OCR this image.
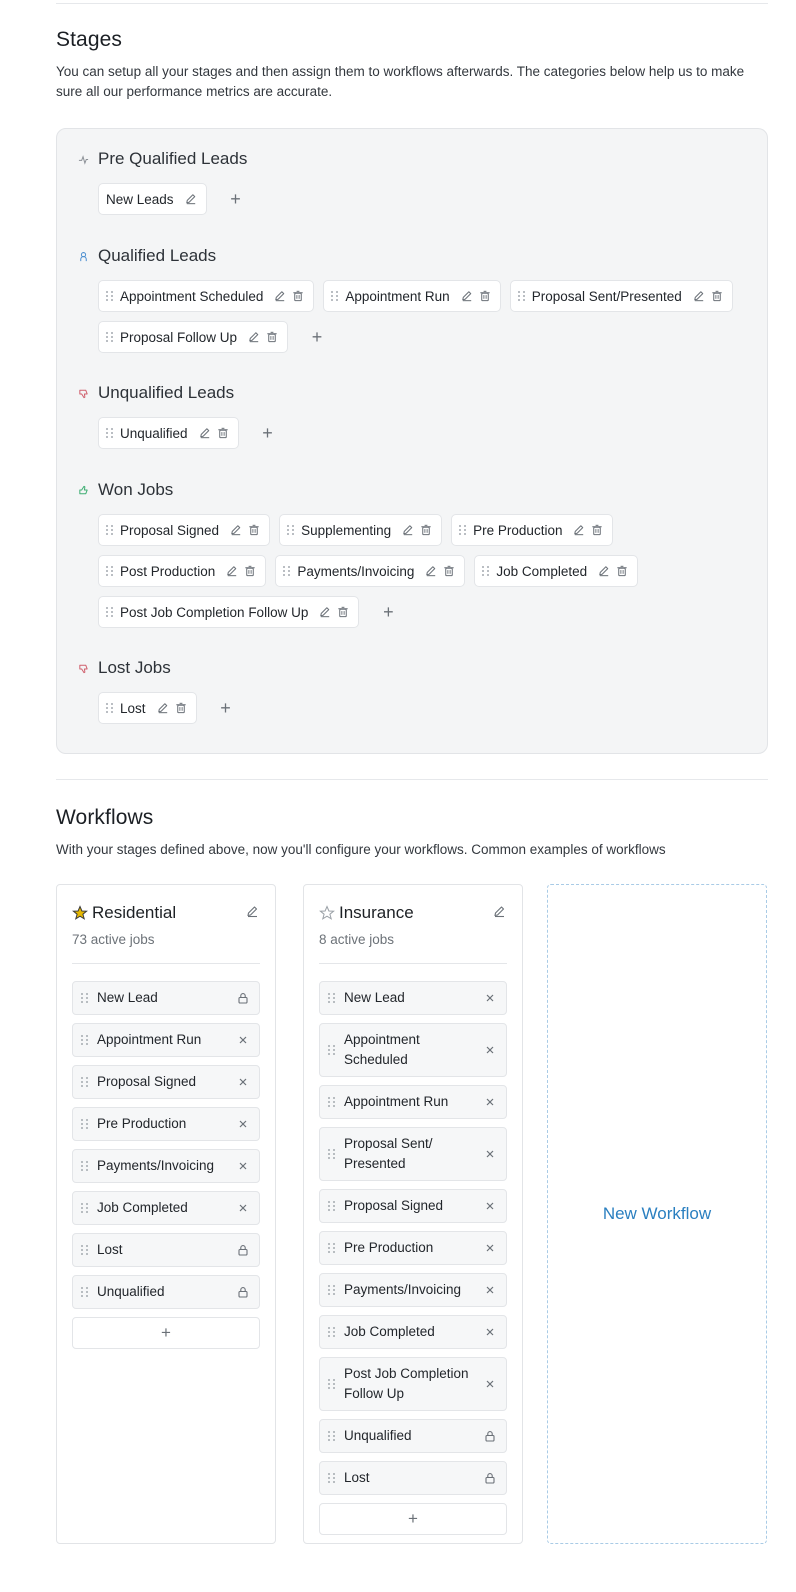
Stages
You can setup all your stages and then assign them to workflows afterwards. The categories below help us to make sure all our performance metrics are accurate.
Pre Qualified Leads
New Leads	+
Qualified Leads
Appointment Scheduled	Appointment Run	Proposal Sent/Presented
Proposal Follow Up	+
Unqualified Leads
Unqualified	+
Won Jobs
Proposal Signed	Supplementing	Pre Production
Post Production	Payments/Invoicing	Job Completed
Post Job Completion Follow Up	+
Lost Jobs
Lost	+
Workflows
With your stages defined above, now you'll configure your workflows. Common examples of workflows
Residential
73 active jobs
New Lead
Appointment Run
Proposal Signed
Pre Production
Payments/Invoicing
Job Completed
Lost
Unqualified
+
Insurance
8 active jobs
New Lead
Appointment Scheduled
Appointment Run
Proposal Sent/ Presented
Proposal Signed
Pre Production
Payments/Invoicing
Job Completed
Post Job Completion Follow Up
Unqualified
Lost
+
New Workflow
